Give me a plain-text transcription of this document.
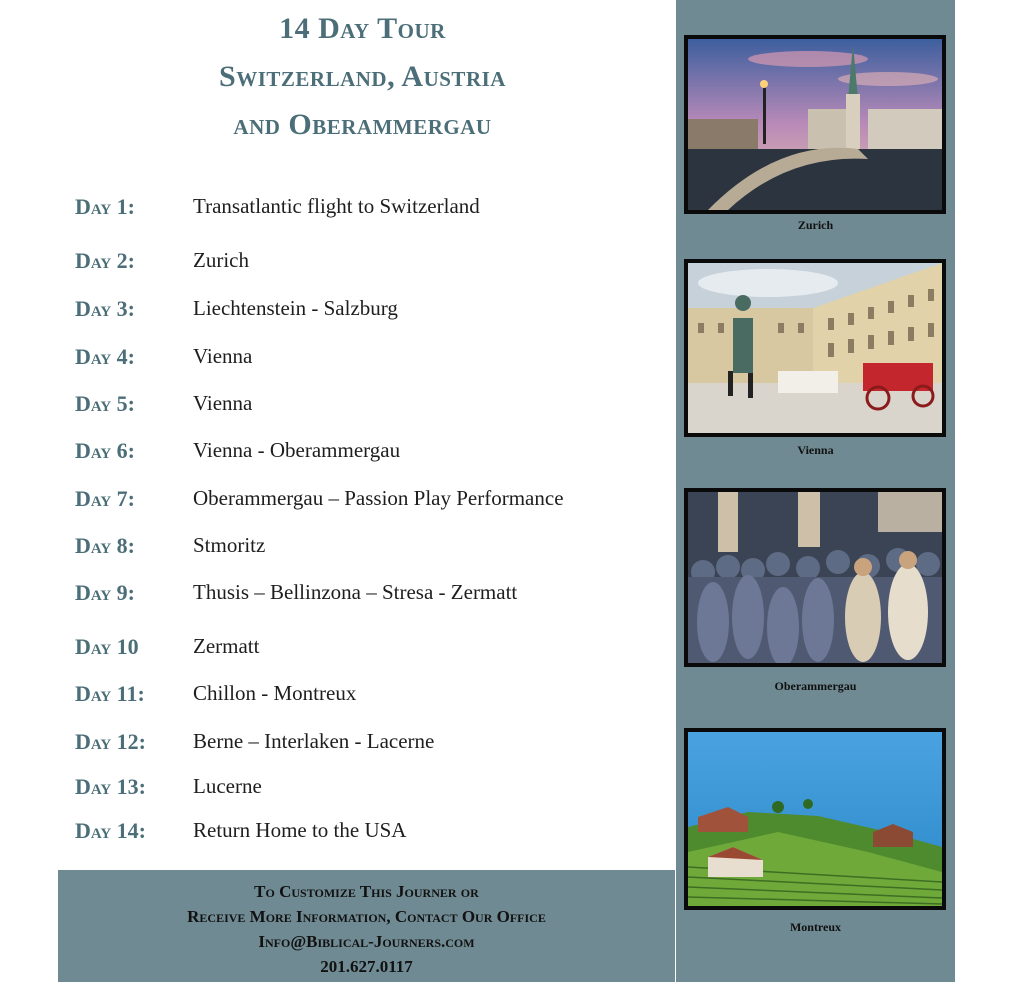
14 Day Tour
Switzerland, Austria
and Oberammergau
Day 1:	Transatlantic flight to Switzerland
Day 2:	Zurich
Day 3:	Liechtenstein - Salzburg
Day 4:	Vienna
Day 5:	Vienna
Day 6:	Vienna - Oberammergau
Day 7:	Oberammergau – Passion Play Performance
Day 8:	Stmoritz
Day 9:	Thusis – Bellinzona – Stresa - Zermatt
Day 10	Zermatt
Day 11: Chillon - Montreux
Day 12: Berne – Interlaken - Lacerne
Day 13: Lucerne
Day 14: Return Home to the USA
To Customize This Journer or
Receive More Information, Contact Our Office
Info@Biblical-Journers.com
201.627.0117
Zurich
Vienna
Oberammergau
Montreux
